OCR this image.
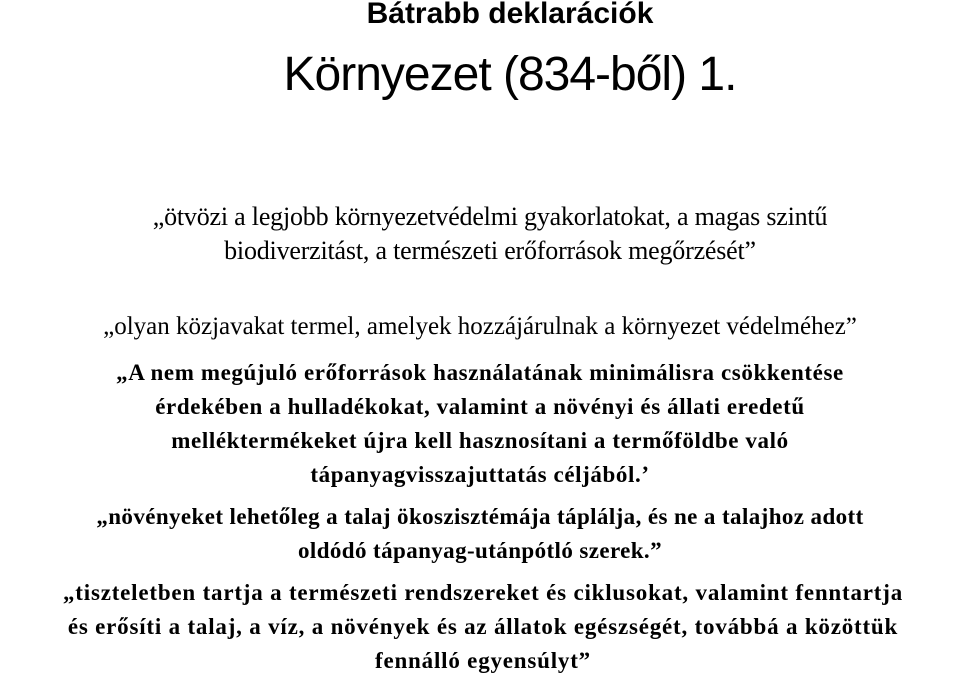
Bátrabb deklarációk
Környezet (834-ből) 1.
„ötvözi a legjobb környezetvédelmi gyakorlatokat, a magas szintű
biodiverzitást, a természeti erőforrások megőrzését”
„olyan közjavakat termel, amelyek hozzájárulnak a környezet védelméhez”
„A nem megújuló erőforrások használatának minimálisra csökkentése
érdekében a hulladékokat, valamint a növényi és állati eredetű
melléktermékeket újra kell hasznosítani a termőföldbe való
tápanyagvisszajuttatás céljából.’
„növényeket lehetőleg a talaj ökoszisztémája táplálja, és ne a talajhoz adott
oldódó tápanyag-utánpótló szerek.”
„tiszteletben tartja a természeti rendszereket és ciklusokat, valamint fenntartja
és erősíti a talaj, a víz, a növények és az állatok egészségét, továbbá a közöttük
fennálló egyensúlyt”
